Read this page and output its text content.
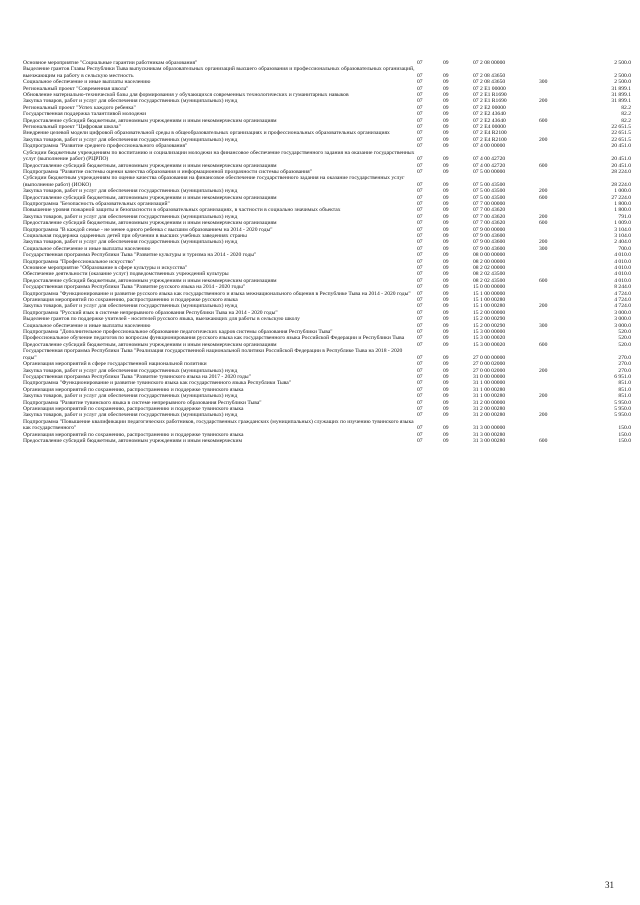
Основное мероприятие "Социальные гарантии работникам образования"	07	09	07 2 08 00000		2 500.0
Выделение грантов Главы Республики Тыва выпускникам образовательных организаций высшего образования и профессиональных образовательных организаций, выезжающим на работу в сельскую местность	07	09	07 2 08 43650		2 500.0
Социальное обеспечение и иные выплаты населению	07	09	07 2 08 43650	300	2 500.0
Региональный проект "Современная школа"	07	09	07 2 E1 00000		31 899.1
Обновление материально-технической базы для формирования у обучающихся современных технологических и гуманитарных навыков	07	09	07 2 E1 R1690		31 899.1
Закупка товаров, работ и услуг для обеспечения государственных (муниципальных) нужд	07	09	07 2 E1 R1690	200	31 899.1
Региональный проект "Успех каждого ребенка"	07	09	07 2 E2 00000		82.2
Государственная поддержка талантливой молодежи	07	09	07 2 E2 43640		82.2
Предоставление субсидий бюджетным, автономным учреждениям и иным некоммерческим организациям	07	09	07 2 E2 43640	600	82.2
Региональный проект "Цифровая школа"	07	09	07 2 E4 00000		22 651.5
Внедрение целевой модели цифровой образовательной среды в общеобразовательных организациях и профессиональных образовательных организациях	07	09	07 2 E4 R2100		22 651.5
Закупка товаров, работ и услуг для обеспечения государственных (муниципальных) нужд	07	09	07 2 E4 R2100	200	22 651.5
Подпрограмма "Развитие среднего профессионального образования"	07	09	07 4 00 00000		20 451.0
Субсидии бюджетным учреждениям по воспитанию и социализации молодежи на финансовое обеспечение государственного задания на оказание государственных услуг (выполнение работ) (РЦРПО)	07	09	07 4 00 42720		20 451.0
Предоставление субсидий бюджетным, автономным учреждениям и иным некоммерческим организациям	07	09	07 4 00 42720	600	20 451.0
Подпрограмма "Развитие системы оценки качества образования и информационной прозрачности системы образования"	07	09	07 5 00 00000		28 224.0
Субсидии бюджетным учреждениям по оценке качества образования на финансовое обеспечение государственного задания на оказание государственных услуг (выполнение работ) (ИОКО)	07	09	07 5 00 43500		28 224.0
Закупка товаров, работ и услуг для обеспечения государственных (муниципальных) нужд	07	09	07 5 00 43500	200	1 000.0
Предоставление субсидий бюджетным, автономным учреждениям и иным некоммерческим организациям	07	09	07 5 00 43500	600	27 224.0
Подпрограмма "Безопасность образовательных организаций"	07	09	07 7 00 00000		1 800.0
Повышение уровня пожарной защиты и безопасности в образовательных организациях, в частности в социально значимых объектах	07	09	07 7 00 43620		1 800.0
Закупка товаров, работ и услуг для обеспечения государственных (муниципальных) нужд	07	09	07 7 00 43620	200	791.0
Предоставление субсидий бюджетным, автономным учреждениям и иным некоммерческим организациям	07	09	07 7 00 43620	600	1 009.0
Подпрограмма "В каждой семье - не менее одного ребенка с высшим образованием на 2014 - 2020 годы"	07	09	07 9 00 00000		3 104.0
Социальная поддержка одаренных детей при обучении в высших учебных заведениях страны	07	09	07 9 00 43600		3 104.0
Закупка товаров, работ и услуг для обеспечения государственных (муниципальных) нужд	07	09	07 9 00 43600	200	2 404.0
Социальное обеспечение и иные выплаты населению	07	09	07 9 00 43600	300	700.0
Государственная программа Республики Тыва "Развитие культуры и туризма на 2014 - 2020 годы"	07	09	08 0 00 00000		4 010.0
Подпрограмма "Профессиональное искусство"	07	09	08 2 00 00000		4 010.0
Основное мероприятие "Образование в сфере культуры и искусства"	07	09	08 2 02 00000		4 010.0
Обеспечение деятельности (оказание услуг) подведомственных учреждений культуры	07	09	08 2 02 43500		4 010.0
Предоставление субсидий бюджетным, автономным учреждениям и иным некоммерческим организациям	07	09	08 2 02 43500	600	4 010.0
Государственная программа Республики Тыва "Развитие русского языка на 2014 - 2020 годы"	07	09	15 0 00 00000		8 244.0
Подпрограмма "Функционирование и развитие русского языка как государственного и языка межнационального общения в Республике Тыва на 2014 - 2020 годы"	07	09	15 1 00 00000		4 724.0
Организация мероприятий по сохранению, распространению и поддержке русского языка	07	09	15 1 00 00280		4 724.0
Закупка товаров, работ и услуг для обеспечения государственных (муниципальных) нужд	07	09	15 1 00 00280	200	4 724.0
Подпрограмма "Русский язык в системе непрерывного образования Республики Тыва на 2014 - 2020 годы"	07	09	15 2 00 00000		3 000.0
Выделение грантов по поддержке учителей - носителей русского языка, выезжающих для работы в сельскую школу	07	09	15 2 00 00290		3 000.0
Социальное обеспечение и иные выплаты населению	07	09	15 2 00 00290	300	3 000.0
Подпрограмма "Дополнительное профессиональное образование педагогических кадров системы образования Республики Тыва"	07	09	15 3 00 00000		520.0
Профессиональное обучение педагогов по вопросам функционирования русского языка как государственного языка Российской Федерации и Республики Тыва	07	09	15 3 00 00020		520.0
Предоставление субсидий бюджетным, автономным учреждениям и иным некоммерческим организациям	07	09	15 3 00 00020	600	520.0
Государственная программа Республики Тыва "Реализация государственной национальной политики Российской Федерации в Республике Тыва на 2018 - 2020 годы"	07	09	27 0 00 00000		270.0
Организация мероприятий в сфере государственной национальной политики	07	09	27 0 00 02000		270.0
Закупка товаров, работ и услуг для обеспечения государственных (муниципальных) нужд	07	09	27 0 00 02000	200	270.0
Государственная программа Республики Тыва "Развитие тувинского языка на 2017 - 2020 годы"	07	09	31 0 00 00000		6 951.0
Подпрограмма "Функционирование и развитие тувинского языка как государственного языка Республики Тыва"	07	09	31 1 00 00000		851.0
Организация мероприятий по сохранению, распространению и поддержке тувинского языка	07	09	31 1 00 00280		851.0
Закупка товаров, работ и услуг для обеспечения государственных (муниципальных) нужд	07	09	31 1 00 00280	200	851.0
Подпрограмма "Развитие тувинского языка в системе непрерывного образования Республики Тыва"	07	09	31 2 00 00000		5 950.0
Организация мероприятий по сохранению, распространению и поддержке тувинского языка	07	09	31 2 00 00280		5 950.0
Закупка товаров, работ и услуг для обеспечения государственных (муниципальных) нужд	07	09	31 2 00 00280	200	5 950.0
Подпрограмма "Повышение квалификации педагогических работников, государственных гражданских (муниципальных) служащих по изучению тувинского языка как государственного"	07	09	31 3 00 00000		150.0
Организация мероприятий по сохранению, распространению и поддержке тувинского языка	07	09	31 3 00 00280		150.0
Предоставление субсидий бюджетным, автономным учреждениям и иным некоммерческим	07	09	31 3 00 00280	600	150.0
31
